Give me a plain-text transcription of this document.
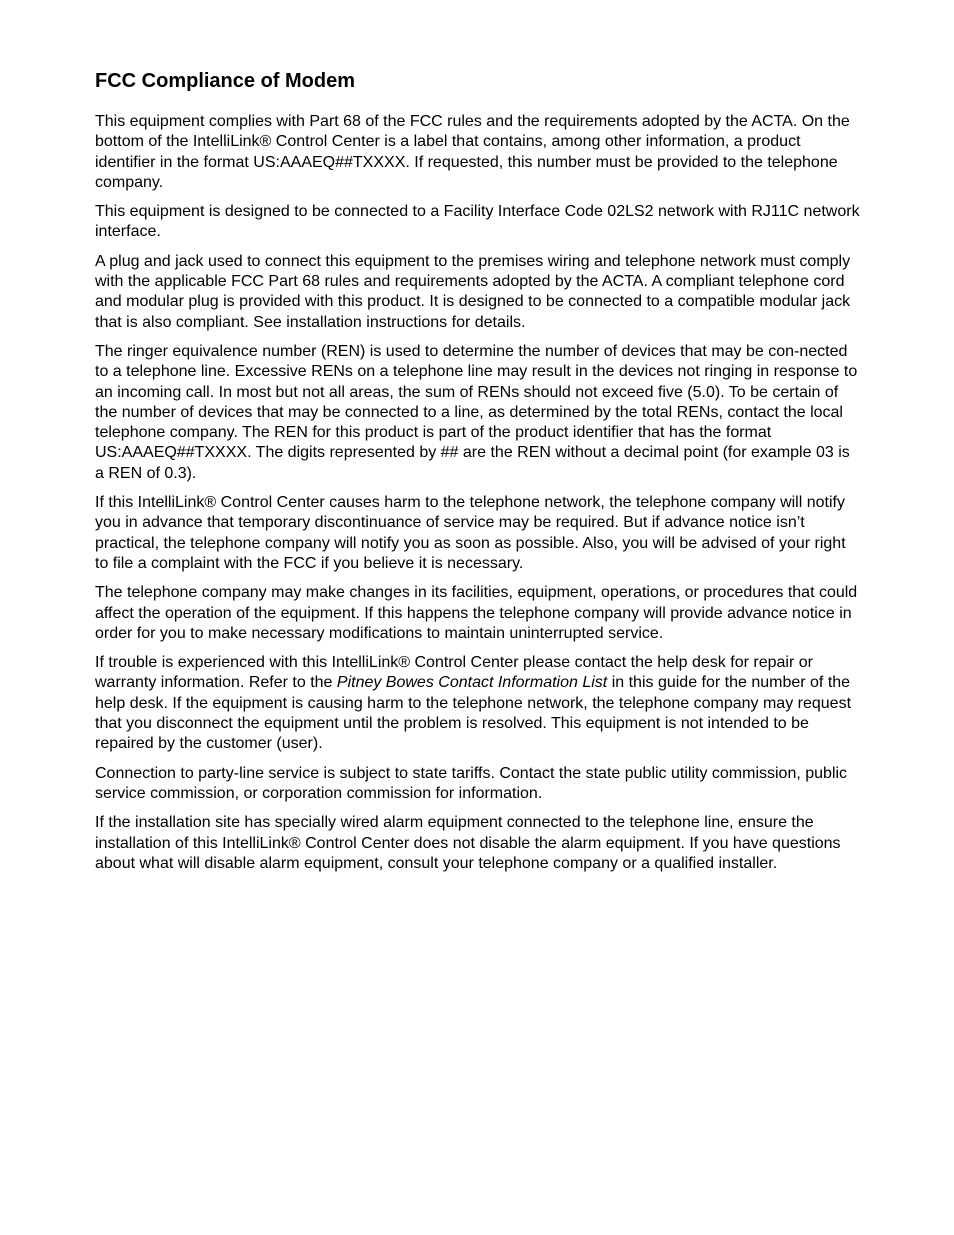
FCC Compliance of Modem

This equipment complies with Part 68 of the FCC rules and the requirements adopted by the ACTA. On the bottom of the IntelliLink® Control Center is a label that contains, among other information, a product identifier in the format US:AAAEQ##TXXXX. If requested, this number must be provided to the telephone company.

This equipment is designed to be connected to a Facility Interface Code 02LS2 network with RJ11C network interface.

A plug and jack used to connect this equipment to the premises wiring and telephone network must comply with the applicable FCC Part 68 rules and requirements adopted by the ACTA. A compliant telephone cord and modular plug is provided with this product. It is designed to be connected to a compatible modular jack that is also compliant. See installation instructions for details.

The ringer equivalence number (REN) is used to determine the number of devices that may be con-nected to a telephone line. Excessive RENs on a telephone line may result in the devices not ringing in response to an incoming call. In most but not all areas, the sum of RENs should not exceed five (5.0). To be certain of the number of devices that may be connected to a line, as determined by the total RENs, contact the local telephone company. The REN for this product is part of the product identifier that has the format US:AAAEQ##TXXXX. The digits represented by ## are the REN without a decimal point (for example 03 is a REN of 0.3).

If this IntelliLink® Control Center causes harm to the telephone network, the telephone company will notify you in advance that temporary discontinuance of service may be required. But if advance notice isn’t practical, the telephone company will notify you as soon as possible. Also, you will be advised of your right to file a complaint with the FCC if you believe it is necessary.

The telephone company may make changes in its facilities, equipment, operations, or procedures that could affect the operation of the equipment. If this happens the telephone company will provide advance notice in order for you to make necessary modifications to maintain uninterrupted service.

If trouble is experienced with this IntelliLink® Control Center please contact the help desk for repair or warranty information. Refer to the Pitney Bowes Contact Information List in this guide for the number of the help desk. If the equipment is causing harm to the telephone network, the telephone company may request that you disconnect the equipment until the problem is resolved. This equipment is not intended to be repaired by the customer (user).

Connection to party-line service is subject to state tariffs. Contact the state public utility commission, public service commission, or corporation commission for information.

If the installation site has specially wired alarm equipment connected to the telephone line, ensure the installation of this IntelliLink® Control Center does not disable the alarm equipment. If you have questions about what will disable alarm equipment, consult your telephone company or a qualified installer.
